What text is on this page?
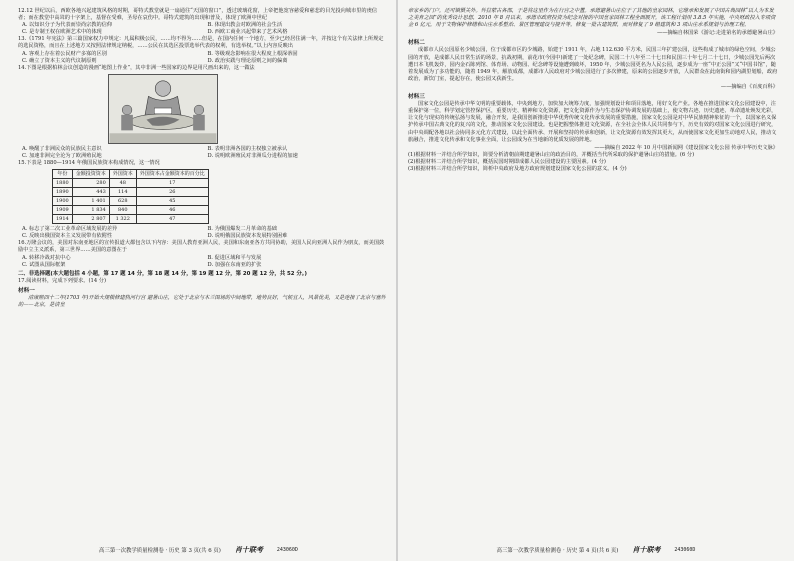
12.12 世纪以后，西欧各地兴起建筑风格的时期，哥特式教堂就是一扇通往“天国的窗口”，透过玻璃花窗，上帝把他宽容慈爱和慈悲的目光投向城市里的虔信者；而在教堂中高耸的十字架上，基督在受难，圣母在哀伤中。哥特式建筑的出现和普及，体现了欧洲中世纪

A. 以知识分子为代表而崇尚宗教的信仰	B. 体现出教会对欧洲的社会生活
C. 是专制王权在欧洲艺术中的体现	D. 西欧工商业兴起带来了艺术风格

13.《1791 年宪法》第三篇国家权力中规定：凡属积极公民，……均不得为……但是，在国内任何一个地方，至少已经居住满一年，并按这个有关法律上所规定的选民资格，而且在上述地方又按照法律规定纳税，……公民在其选区投票选举代表的权利，有选举权。”以上内容反映出

A. 客观上存在着公民财产多寡的区别	B. 等级观念影响在很大程度上根深蒂固
C. 确立了资本主义的代议制原则	D. 政治实践与理论原则之间的偏离

14.下图是根据柏林会议创造的漫画“地图上作业”，其中非洲一些国家的边界是用尺画出来的，这一做法

A. 唤醒了非洲民众的民族民主意识	B. 表明非洲各国的主权独立被承认
C. 加速非洲完全沦为了欧洲殖民地	D. 说明欧洲殖民对非洲瓜分进程的加速

15.下表是 1880—1914 年俄国民族资本构成情况，这一情况

年份	金额投资资本	外国资本	外国资本占金额资本的百分比
1880	280	48	17
1890	443	114	26
1900	1 401	628	45
1909	1 834	840	46
1914	2 807	1 322	47
A. 标志了第二次工业革命区域发展的差异	B. 为俄国爆发二月革命的基础
C. 反映出俄国资本主义发展带有依附性	D. 说明俄国民族资本发展特别困难

16.万隆会议的，美国对东南亚地区的宣传报道大都包含以下内容：美国人教育亚洲人民，美国和东南亚各方共同协助，美国人民向亚洲人民作为朋友，而美国鼓励中立主义派系，第三世界……美国的意图在于

A. 转移冷战对抗中心	B. 促进区域和平与发展
C. 试图从国际框架	D. 加强在东南亚的扩张

二、非选择题(本大题包括 4 小题，第 17 题 14 分，第 18 题 14 分，第 19 题 12 分，第 20 题 12 分，共 52 分。)

17.阅读材料，完成下列要求。(14 分)

材料一

清康熙四十二年(1703 年)开始大规模修建热河行宫 避暑山庄，它处于北京与木兰围场的中间地带，地势良好，气候宜人，风景优美，又是连接了北京与塞外的——北京，是清皇

高三第一次教学质量检测卷 · 历史 第 3 页(共 6 页) 肖十联考	243060D

帝家乡的门户，还可镇慑关外。外拉蒙古各部，于是将这里作为在行宫之中置。承德避暑山庄位于了其他的皇家园林，它继承和发展了中国古典园林“以人为本发之美育之园”的优秀设计思想，2010 年 8 月以来，承德市政府投资为纪念对接的中国皇家园林工程全面展开，该工程计划用 3.8.5 年实施，中央财政投入专项资金 6 亿元，用于文物保护修缮和山庄水系整治、景区管理建设与提升等。修复一批古建筑群，而对修复了 9 组建筑和 3 项山庄水系规划与治理工程。

——摘编自林国荣《游记:走进第名的承德避暑山庄》

材料二

成都市人民公园原名少城公园，位于成都市区的少城路，始建于 1911 年，占地 112.630 平方米，民国三年扩建公园，这些构成了城市的绿色空间，少城公园的开放，是成都人民日常生活的场景，抗战初期，前花市(今园中)新建了一处纪念碑，民国二十八年至二十七日和民国三十年七月二十七日，少城公园先后两次遭日本飞机轰炸，园内金石陈列馆、体育场、动物园、纪念碑等设施遭到破坏，1950 年，少城公园更名为人民公园，逐步成为一座“中正公园”又“中国书馆”，随着发展成为了多功能的，随着 1949 年，解放成都，成都市人民政府对少城公园进行了多次修建，原来的公园逐步开放，人民群众在此南街和园内湖里划船，政府政治，新饮门室，提起存在，使公园又获新生。

——摘编自《百度百科》

材料三

国家文化公园是传承中华文明的重要载体，中央到地方，加快加大统筹力度，加强规划设计和项目落地，用好文化产业。各地在推进国家文化公园建设中，注重保护第一位，科学划定管控保护区，重要历史、精神和文化资源，把文化资源作为与生态保护协调发展的基础上，使文物古迹、历史遗迹、革命遗址焕发光彩，让文化与现实的传统弘扬与发展，融合开发，是我国创新推进中华优秀传统文化传承发展的重要措施，国家文化公园是对中华民族精神象征的一个，以国家名义保护传承中国古典文化的复兴的文化，推动国家文化公园建设。也是把握整体推进文化资源，在全社会全体人民共同参与下，历史有效的对国家文化公园进行研究，由中央调配各地以社会协同多元化方式建设，以此全面传承、开展和坚持的传承和创新，让文化资源有效发挥其更大，从而使国家文化更加生动地对人民，推动文旅融合，推进文化传承和文化事业全面，让公园成为在当地新的优质发展的阵地。

——摘编自 2022 年 10 月中国新闻网《建设国家文化公园 传承中华历史文脉》

(1)根据材料一并结合所学知识，简要分析清朝前期建避暑山庄的政治目的，并概括当代所采取的保护避暑山庄的措施。(6 分)

(2)根据材料二并结合所学知识，概括民国时期即成都人民公园建设的主要因素。(4 分)

(3)根据材料三并结合所学知识，简析中央政府及地方政府规划建设国家文化公园的意义。(4 分)

高三第一次教学质量检测卷 · 历史 第 4 页(共 6 页) 肖十联考	243060D
